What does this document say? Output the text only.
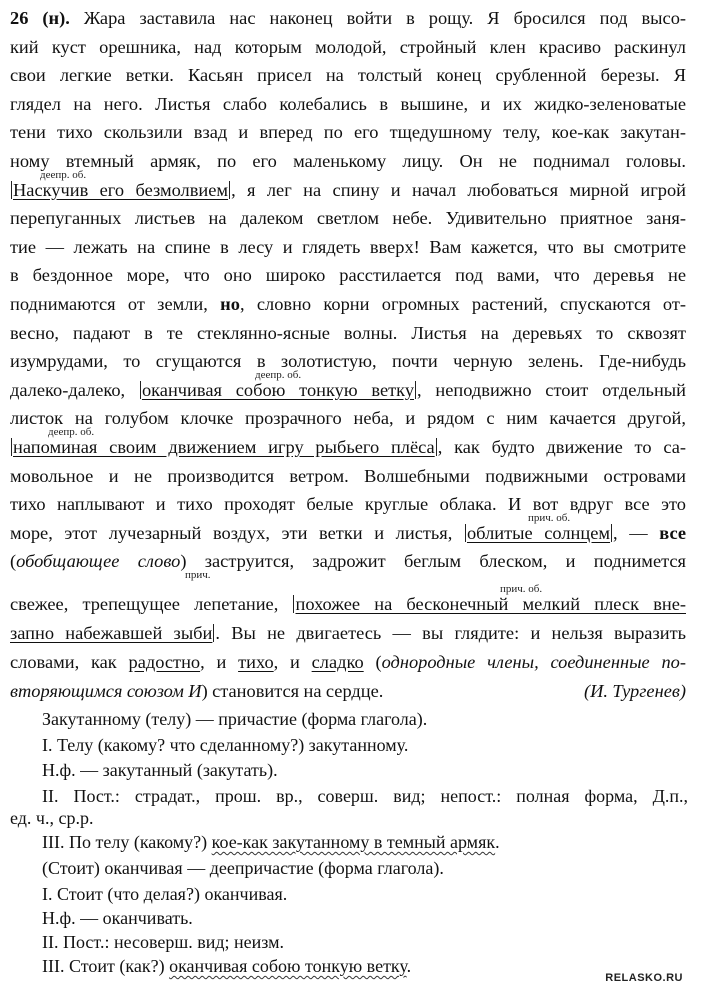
26 (н). Жара заставила нас наконец войти в рощу. Я бросился под высо-
кий куст орешника, над которым молодой, стройный клен красиво раскинул
свои легкие ветки. Касьян присел на толстый конец срубленной березы. Я
глядел на него. Листья слабо колебались в вышине, и их жидко-зеленоватые
тени тихо скользили взад и вперед по его тщедушному телу, кое-как закутан-
ному втемный армяк, по его маленькому лицу. Он не поднимал головы.
деепр. об.
Наскучив его безмолвием , я лег на спину и начал любоваться мирной игрой
перепуганных листьев на далеком светлом небе. Удивительно приятное заня-
тие — лежать на спине в лесу и глядеть вверх! Вам кажется, что вы смотрите
в бездонное море, что оно широко расстилается под вами, что деревья не
поднимаются от земли, но, словно корни огромных растений, спускаются от-
весно, падают в те стеклянно-ясные волны. Листья на деревьях то сквозят
изумрудами, то сгущаются в золотистую, почти черную зелень. Где-нибудь
деепр. об.
далеко-далеко, оканчивая собою тонкую ветку , неподвижно стоит отдельный
листок на голубом клочке прозрачного неба, и рядом с ним качается другой,
деепр. об.
напоминая своим движением игру рыбьего плёса , как будто движение то са-
мовольное и не производится ветром. Волшебными подвижными островами
тихо наплывают и тихо проходят белые круглые облака. И вот вдруг все это
прич. об.
море, этот лучезарный воздух, эти ветки и листья, облитые солнцем , — все
(обобщающее слово) заструится, задрожит беглым блеском, и поднимется
прич.
прич. об.
свежее, трепещущее лепетание, похожее на бесконечный мелкий плеск вне-
запно набежавшей зыби . Вы не двигаетесь — вы глядите: и нельзя выразить
словами, как радостно, и тихо, и сладко (однородные члены, соединенные по-
вторяющимся союзом И) становится на сердце.	(И. Тургенев)
Закутанному (телу) — причастие (форма глагола).
I. Телу (какому? что сделанному?) закутанному.
Н.ф. — закутанный (закутать).
II. Пост.: страдат., прош. вр., соверш. вид; непост.: полная форма, Д.п.,
ед. ч., ср.р.
III. По телу (какому?) кое-как закутанному в темный армяк.
(Стоит) оканчивая — деепричастие (форма глагола).
I. Стоит (что делая?) оканчивая.
Н.ф. — оканчивать.
II. Пост.: несоверш. вид; неизм.
III. Стоит (как?) оканчивая собою тонкую ветку.
RELASKO.RU
